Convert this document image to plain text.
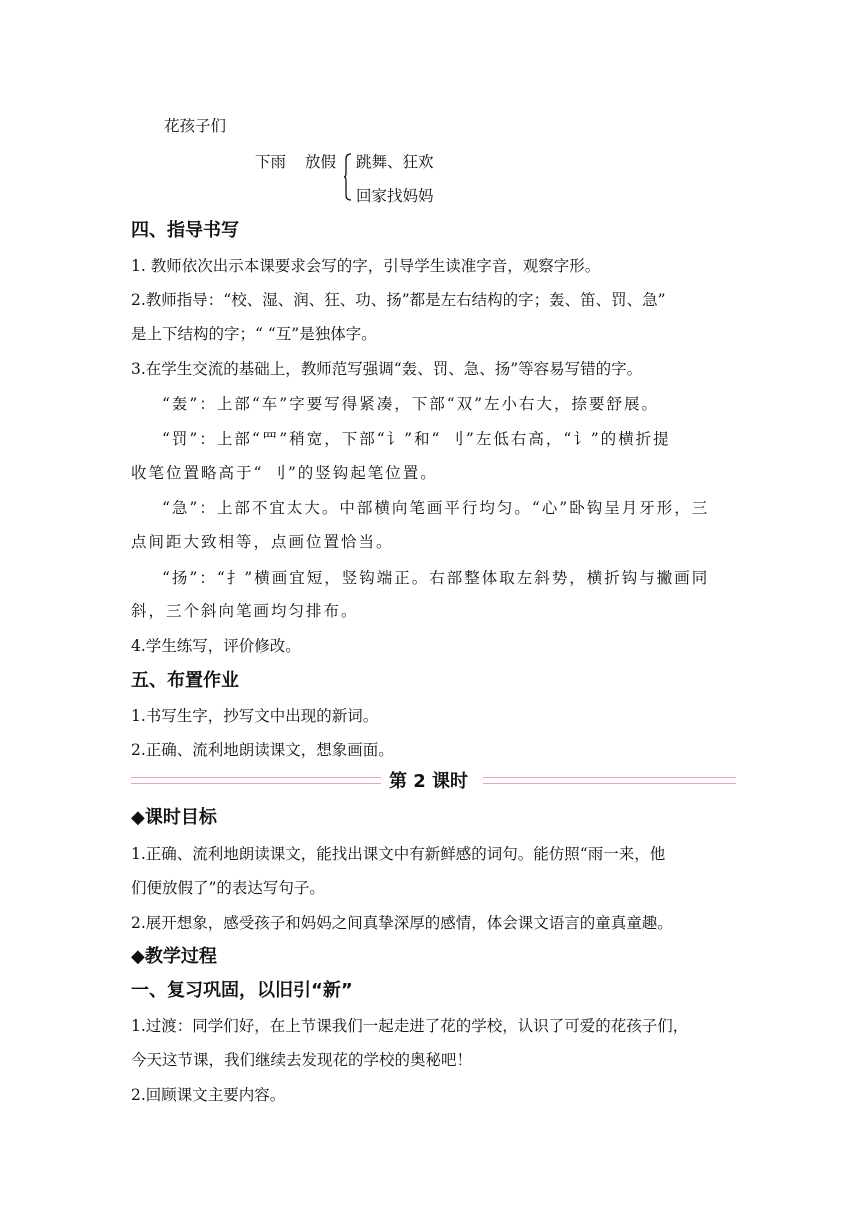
花孩子们
下雨 放假 跳舞、狂欢
回家找妈妈
四、指导书写
1. 教师依次出示本课要求会写的字，引导学生读准字音，观察字形。
2.教师指导：“校、湿、润、狂、功、扬”都是左右结构的字；轰、笛、罚、急”
是上下结构的字；“ “互”是独体字。
3.在学生交流的基础上，教师范写强调“轰、罚、急、扬”等容易写错的字。
“轰”：上部“车”字要写得紧凑，下部“双”左小右大，捺要舒展。
“罚”：上部“罒”稍宽，下部“讠”和“ 刂”左低右高，“讠”的横折提
收笔位置略高于“ 刂”的竖钩起笔位置。
“急”：上部不宜太大。中部横向笔画平行均匀。“心”卧钩呈月牙形，三
点间距大致相等，点画位置恰当。
“扬”：“扌”横画宜短，竖钩端正。右部整体取左斜势，横折钩与撇画同
斜，三个斜向笔画均匀排布。
4.学生练写，评价修改。
五、布置作业
1.书写生字，抄写文中出现的新词。
2.正确、流利地朗读课文，想象画面。
第 2 课时
◆课时目标
1.正确、流利地朗读课文，能找出课文中有新鲜感的词句。能仿照“雨一来，他
们便放假了”的表达写句子。
2.展开想象，感受孩子和妈妈之间真挚深厚的感情，体会课文语言的童真童趣。
◆教学过程
一、复习巩固，以旧引“新”
1.过渡：同学们好，在上节课我们一起走进了花的学校，认识了可爱的花孩子们，
今天这节课，我们继续去发现花的学校的奥秘吧！
2.回顾课文主要内容。
